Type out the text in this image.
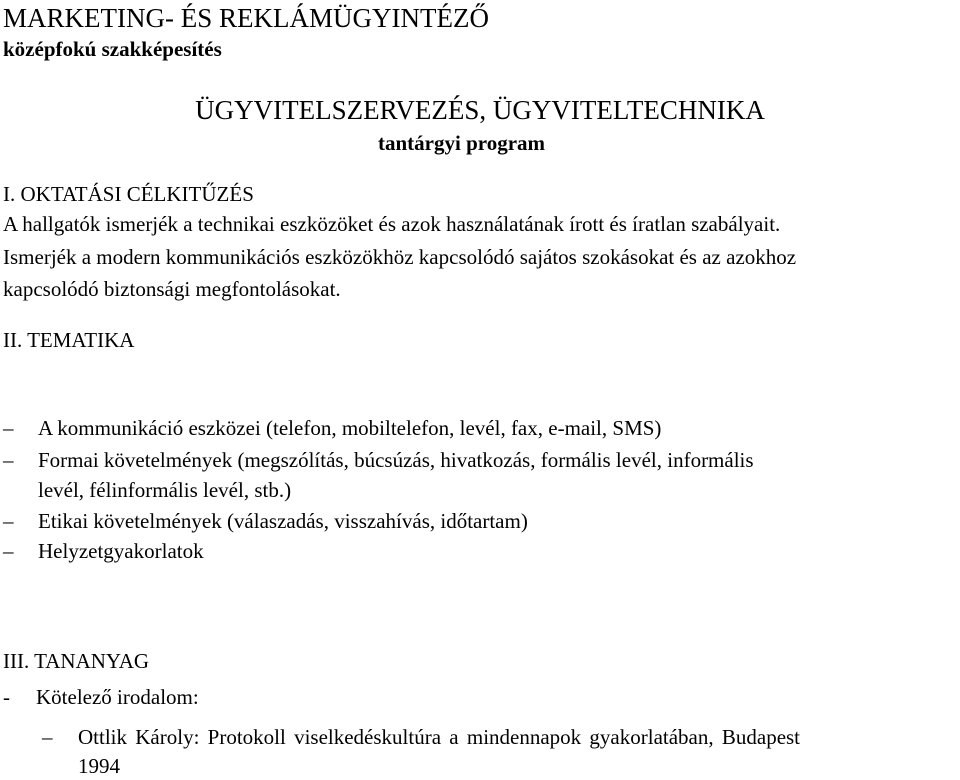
MARKETING- ÉS REKLÁMÜGYINTÉZŐ
középfokú szakképesítés
ÜGYVITELSZERVEZÉS, ÜGYVITELTECHNIKA
tantárgyi program
I. OKTATÁSI CÉLKITŰZÉS
A hallgatók ismerjék a technikai eszközöket és azok használatának írott és íratlan szabályait.
Ismerjék a modern kommunikációs eszközökhöz kapcsolódó sajátos szokásokat és az azokhoz
kapcsolódó biztonsági megfontolásokat.
II. TEMATIKA
– A kommunikáció eszközei (telefon, mobiltelefon, levél, fax, e-mail, SMS)
– Formai követelmények (megszólítás, búcsúzás, hivatkozás, formális levél, informális
levél, félinformális levél, stb.)
– Etikai követelmények (válaszadás, visszahívás, időtartam)
– Helyzetgyakorlatok
III. TANANYAG
- Kötelező irodalom:
– Ottlik Károly: Protokoll viselkedéskultúra a mindennapok gyakorlatában, Budapest
1994
